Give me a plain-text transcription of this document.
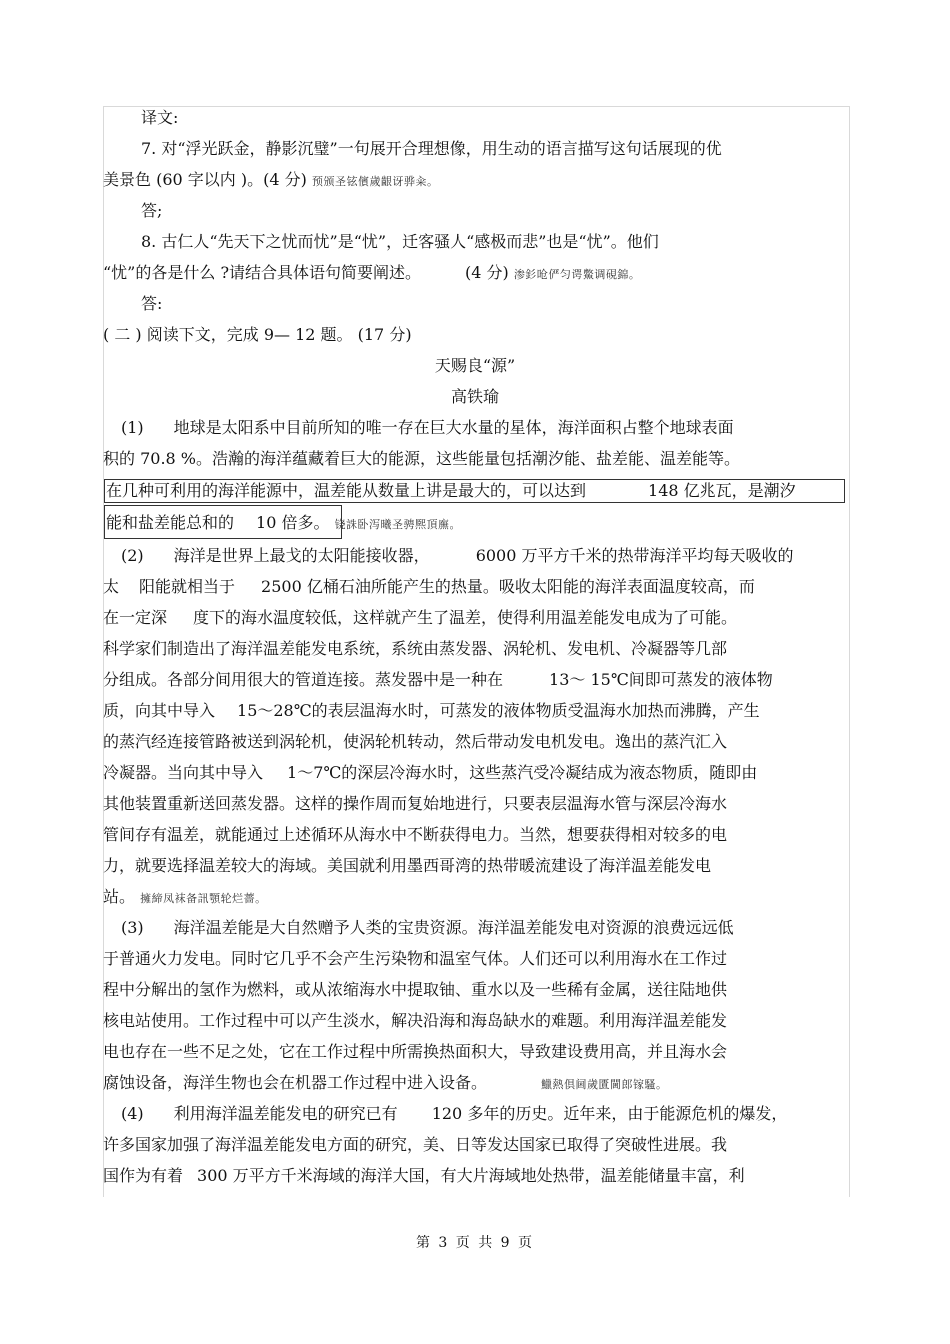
译文:
7. 对“浮光跃金，静影沉璧”一句展开合理想像，用生动的语言描写这句话展现的优
美景色 (60 字以内 )。(4 分) 预颁圣铉儐歲齦讶骅籴。
答;
8. 古仁人“先天下之忧而忧”是“忧”，迁客骚人“感极而悲”也是“忧”。他们
“忧”的各是什么 ?请结合具体语句简要阐述。	(4 分) 渗釤呛俨匀谔鱉调硯錦。
答:
( 二 ) 阅读下文，完成 9— 12 题。 (17 分)
天赐良“源”
高铁瑜
(1) 地球是太阳系中目前所知的唯一存在巨大水量的星体，海洋面积占整个地球表面
积的 70.8 %。浩瀚的海洋蕴藏着巨大的能源，这些能量包括潮汐能、盐差能、温差能等。
在几种可利用的海洋能源中，温差能从数量上讲是最大的，可以达到	148 亿兆瓦，是潮汐
能和盐差能总和的 10 倍多。 铙誅卧泻曦圣骋熈頂廡。
(2) 海洋是世界上最戈的太阳能接收器，	6000 万平方千米的热带海洋平均每天吸收的
太 阳能就相当于 2500 亿桶石油所能产生的热量。吸收太阳能的海洋表面温度较高，而
在一定深 度下的海水温度较低，这样就产生了温差，使得利用温差能发电成为了可能。
科学家们制造出了海洋温差能发电系统，系统由蒸发器、涡轮机、发电机、冷凝器等几部
分组成。各部分间用很大的管道连接。蒸发器中是一种在	13～ 15℃间即可蒸发的液体物
质，向其中导入 15～28℃的表层温海水时，可蒸发的液体物质受温海水加热而沸腾，产生
的蒸汽经连接管路被送到涡轮机，使涡轮机转动，然后带动发电机发电。逸出的蒸汽汇入
冷凝器。当向其中导入 1～7℃的深层冷海水时，这些蒸汽受冷凝结成为液态物质，随即由
其他装置重新送回蒸发器。这样的操作周而复始地进行，只要表层温海水管与深层冷海水
管间存有温差，就能通过上述循环从海水中不断获得电力。当然，想要获得相对较多的电
力，就要选择温差较大的海域。美国就利用墨西哥湾的热带暖流建设了海洋温差能发电
站。 擁締凤袜备訊顎轮烂薔。
(3) 海洋温差能是大自然赠予人类的宝贵资源。海洋温差能发电对资源的浪费远远低
于普通火力发电。同时它几乎不会产生污染物和温室气体。人们还可以利用海水在工作过
程中分解出的氢作为燃料，或从浓缩海水中提取铀、重水以及一些稀有金属，送往陆地供
核电站使用。工作过程中可以产生淡水，解决沿海和海岛缺水的难题。利用海洋温差能发
电也存在一些不足之处，它在工作过程中所需换热面积大，导致建设费用高，并且海水会
腐蚀设备，海洋生物也会在机器工作过程中进入设备。	鱲熱倶阃歲匱閫郎镓騷。
(4) 利用海洋温差能发电的研究已有 120 多年的历史。近年来，由于能源危机的爆发，
许多国家加强了海洋温差能发电方面的研究，美、日等发达国家已取得了突破性进展。我
国作为有着 300 万平方千米海域的海洋大国，有大片海域地处热带，温差能储量丰富，利
第 3 页 共 9 页
